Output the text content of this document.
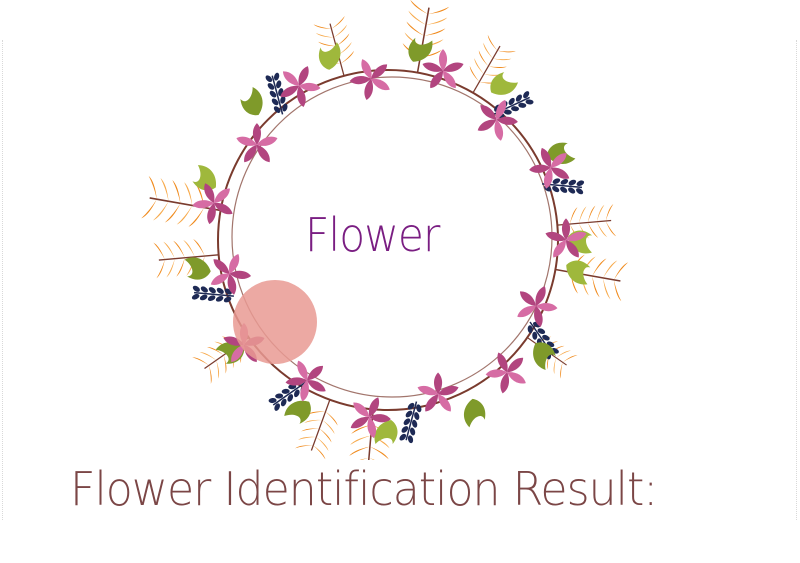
Flower
Flower Identification Result:
